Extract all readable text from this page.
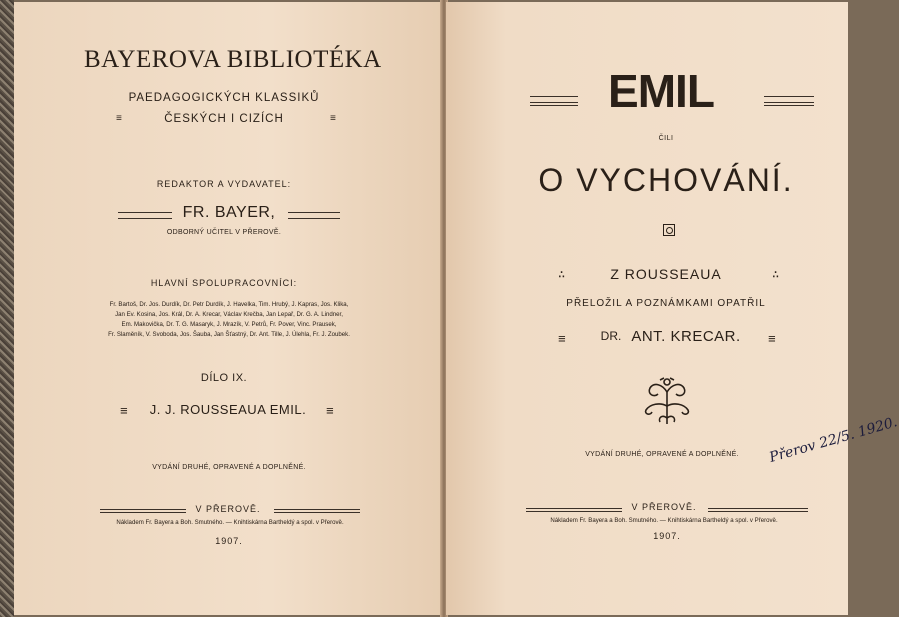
BAYEROVA BIBLIOTÉKA
PAEDAGOGICKÝCH KLASSIKŮ
≡	ČESKÝCH I CIZÍCH	≡
REDAKTOR A VYDAVATEL:
FR. BAYER,
ODBORNÝ UČITEL V PŘEROVĚ.
HLAVNÍ SPOLUPRACOVNÍCI:
Fr. Bartoš, Dr. Jos. Durdík, Dr. Petr Durdík, J. Havelka, Tim. Hrubý, J. Kapras, Jos. Klika,
Jan Ev. Kosina, Jos. Král, Dr. A. Krecar, Václav Krečba, Jan Lepař, Dr. G. A. Lindner,
Em. Makovička, Dr. T. G. Masaryk, J. Mrazík, V. Petrů, Fr. Pover, Vinc. Prausek,
Fr. Slaměník, V. Svoboda, Jos. Šauba, Jan Šťastný, Dr. Ant. Tille, J. Úlehla, Fr. J. Zoubek.
DÍLO IX.
≡	J. J. ROUSSEAUA EMIL.	≡
VYDÁNÍ DRUHÉ, OPRAVENÉ A DOPLNĚNÉ.
V PŘEROVĚ.
Nákladem Fr. Bayera a Boh. Smutného. — Knihtiskárna Bartheldý a spol. v Přerově.
1907.
EMIL
ČILI
O VYCHOVÁNÍ.
∴	Z ROUSSEAUA	∴
PŘELOŽIL A POZNÁMKAMI OPATŘIL
≡	DR. ANT. KRECAR.	≡
VYDÁNÍ DRUHÉ, OPRAVENÉ A DOPLNĚNÉ.	Přerov 22/5. 1920.
V PŘEROVĚ.
Nákladem Fr. Bayera a Boh. Smutného. — Knihtiskárna Bartheldý a spol. v Přerově.
1907.
